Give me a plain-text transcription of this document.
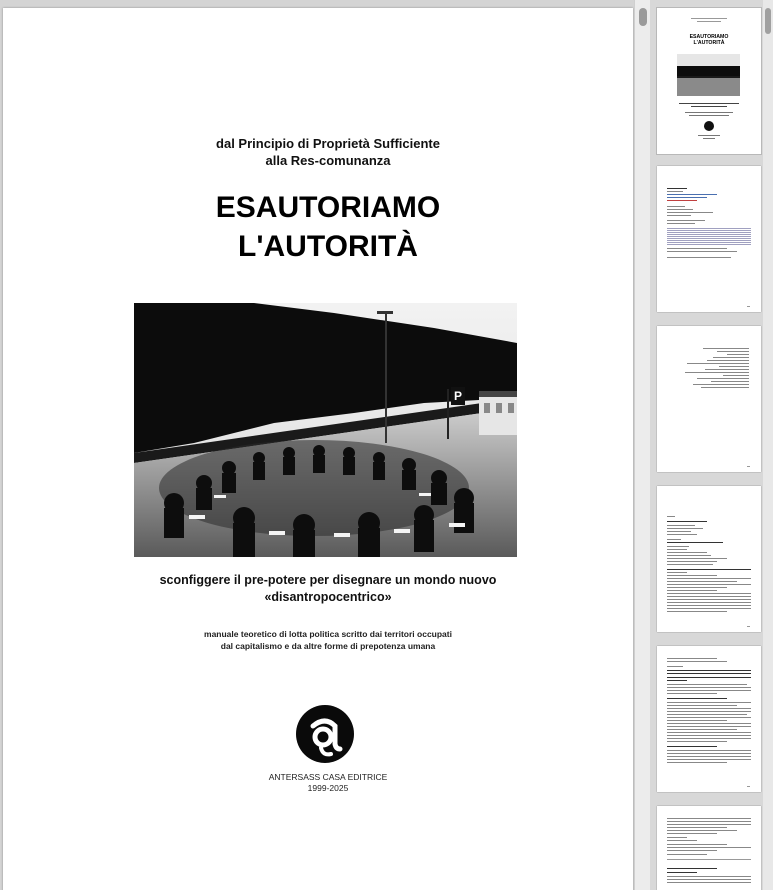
dal Principio di Proprietà Sufficiente
alla Res-comunanza
ESAUTORIAMO
L'AUTORITÀ
P
sconfiggere il pre-potere per disegnare un mondo nuovo
«disantropocentrico»
manuale teoretico di lotta politica scritto dai territori occupati
dal capitalismo e da altre forme di prepotenza umana
ANTERSASS CASA EDITRICE
1999-2025
ESAUTORIAMO
L'AUTORITÀ
